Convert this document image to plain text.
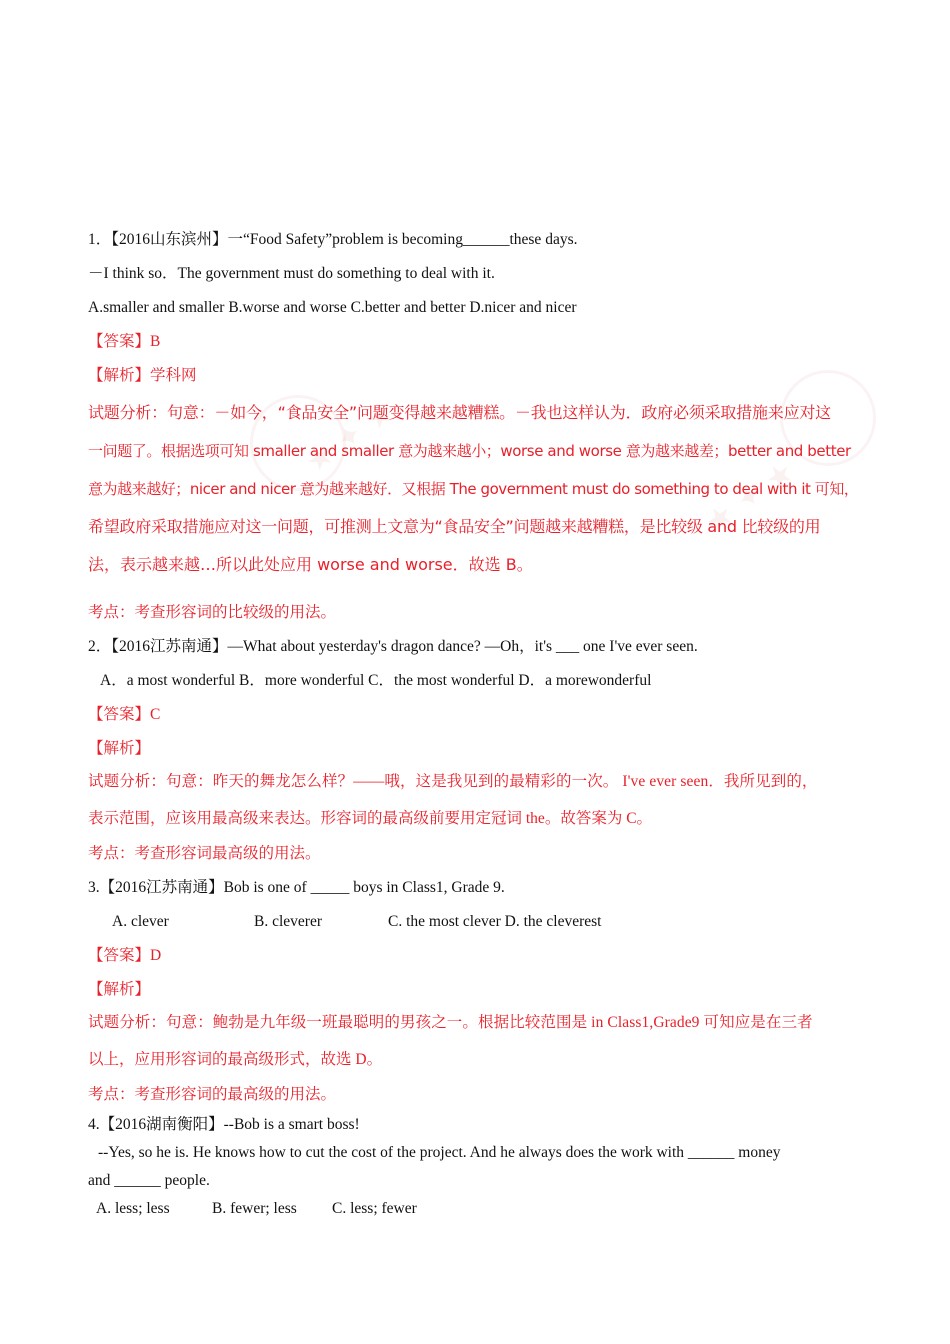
★ ✦ ★
★ ✦ ★
1．【2016山东滨州】一“Food Safety”problem is becoming______these days.
－I think so．The government must do something to deal with it.
A.smaller and smaller B.worse and worse C.better and better D.nicer and nicer
【答案】B
【解析】学科网
试题分析：句意：－如今，“食品安全”问题变得越来越糟糕。－我也这样认为．政府必须采取措施来应对这
一问题了。根据选项可知 smaller and smaller 意为越来越小；worse and worse 意为越来越差；better and better
意为越来越好；nicer and nicer 意为越来越好．又根据 The government must do something to deal with it 可知，
希望政府采取措施应对这一问题，可推测上文意为“食品安全”问题越来越糟糕，是比较级 and 比较级的用
法，表示越来越…所以此处应用 worse and worse．故选 B。
考点：考查形容词的比较级的用法。
2．【2016江苏南通】—What about yesterday's dragon dance? —Oh，it's ___ one I've ever seen.
A．a most wonderful B．more wonderful C．the most wonderful D．a morewonderful
【答案】C
【解析】
试题分析：句意：昨天的舞龙怎么样？——哦，这是我见到的最精彩的一次。 I've ever seen．我所见到的，
表示范围，应该用最高级来表达。形容词的最高级前要用定冠词 the。故答案为 C。
考点：考查形容词最高级的用法。
3.【2016江苏南通】Bob is one of _____ boys in Class1, Grade 9.
A. clever	B. cleverer	C. the most clever D. the cleverest
【答案】D
【解析】
试题分析：句意：鲍勃是九年级一班最聪明的男孩之一。根据比较范围是 in Class1,Grade9 可知应是在三者
以上，应用形容词的最高级形式，故选 D。
考点：考查形容词的最高级的用法。
4.【2016湖南衡阳】--Bob is a smart boss!
--Yes, so he is. He knows how to cut the cost of the project. And he always does the work with ______ money
and ______ people.
A. less; less	B. fewer; less C. less; fewer
